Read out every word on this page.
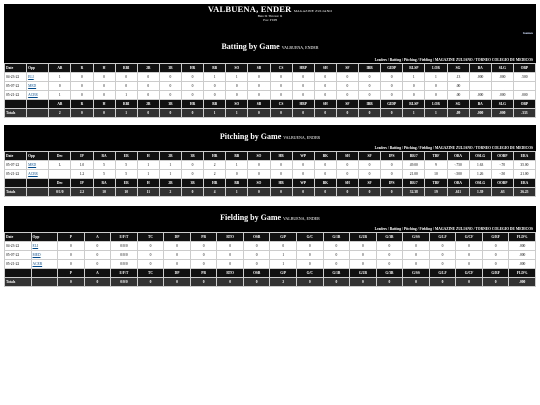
VALBUENA, ENDER MAGAZINE ZULIANO
Bats: R Throws: R
Pos: P DH
Games
Batting by Game VALBUENA, ENDER
Leaders / Batting / Pitching / Fielding / MAGAZINE ZULIANO / TORNEO COLEGIO DE MEDICOS
Date	Opp	AB	R	H	RBI	2B	3B	HR	BB	SO	SB	CS	HBP	SH	SF	IBB	GIDP	RLSP	LOB	SG	BA	SLG	OBP
04-23-22	ELI	1	0	0	0	0	0	0	1	1	0	0	0	0	0	0	0	1	1	.13	.000	.000	.500
05-07-22	MED	0	0	0	0	0	0	0	0	0	0	0	0	0	0	0	0	0	0	.00			
05-21-22	ACER	1	0	0	1	0	0	0	0	0	0	0	0	0	0	0	0	0	0	.00	.000	.000	.000
		AB	R	H	RBI	2B	3B	HR	BB	SO	SB	CS	HBP	SH	SF	IBB	GIDP	RLSP	LOB	SG	BA	SLG	OBP
Totals		2	0	0	1	0	0	0	1	1	0	0	0	0	0	0	0	1	1	.09	.000	.000	.333
Pitching by Game VALBUENA, ENDER
Leaders / Batting / Pitching / Fielding / MAGAZINE ZULIANO / TORNEO COLEGIO DE MEDICOS
Date	Opp	Dec	IP	RA	ER	H	2B	3B	HR	BB	SO	HB	WP	BK	SH	SF	IPS	BR/7	TBF	OBA	OSLG	OOBP	ERA
05-07-22	MED	L	1.0	5	5	1	1	0	2	1	0	0	0	0	0	0	0	49.00	9	-.750	1.63	-.70	35.00
05-21-22	ACER		1.2	5	5	1	1	0	2	0	0	0	0	0	0	0	0	21.00	10	-.500	1.26	-.50	21.00
		Dec	IP	RA	ER	H	2B	3B	HR	BB	SO	HB	WP	BK	SH	SF	IPS	BR/7	TBF	OBA	OSLG	OOBP	ERA
Totals		0/1/0	2.2	10	10	11	2	0	4	1	0	0	0	0	0	0	0	32.38	19	.611	1.39	.63	26.25
Fielding by Game VALBUENA, ENDER
Leaders / Batting / Pitching / Fielding / MAGAZINE ZULIANO / TORNEO COLEGIO DE MEDICOS
Date	Opp	P	A	E/F/T	TC	DP	PB	RTO	OSB	G/P	G/C	G/1B	G/2B	G/3B	G/SS	G/LF	G/CF	G/RF	FLD%
04-23-22	ELI	0	0	0/0/0	0	0	0	0	0	0	0	0	0	0	0	0	0	0	.000
05-07-22	MED	0	0	0/0/0	0	0	0	0	0	1	0	0	0	0	0	0	0	0	.000
05-21-22	ACER	0	0	0/0/0	0	0	0	0	0	1	0	0	0	0	0	0	0	0	.000
		P	A	E/F/T	TC	DP	PB	RTO	OSB	G/P	G/C	G/1B	G/2B	G/3B	G/SS	G/LF	G/CF	G/RF	FLD%
Totals		0	0	0/0/0	0	0	0	0	0	2	0	0	0	0	0	0	0	0	.000
